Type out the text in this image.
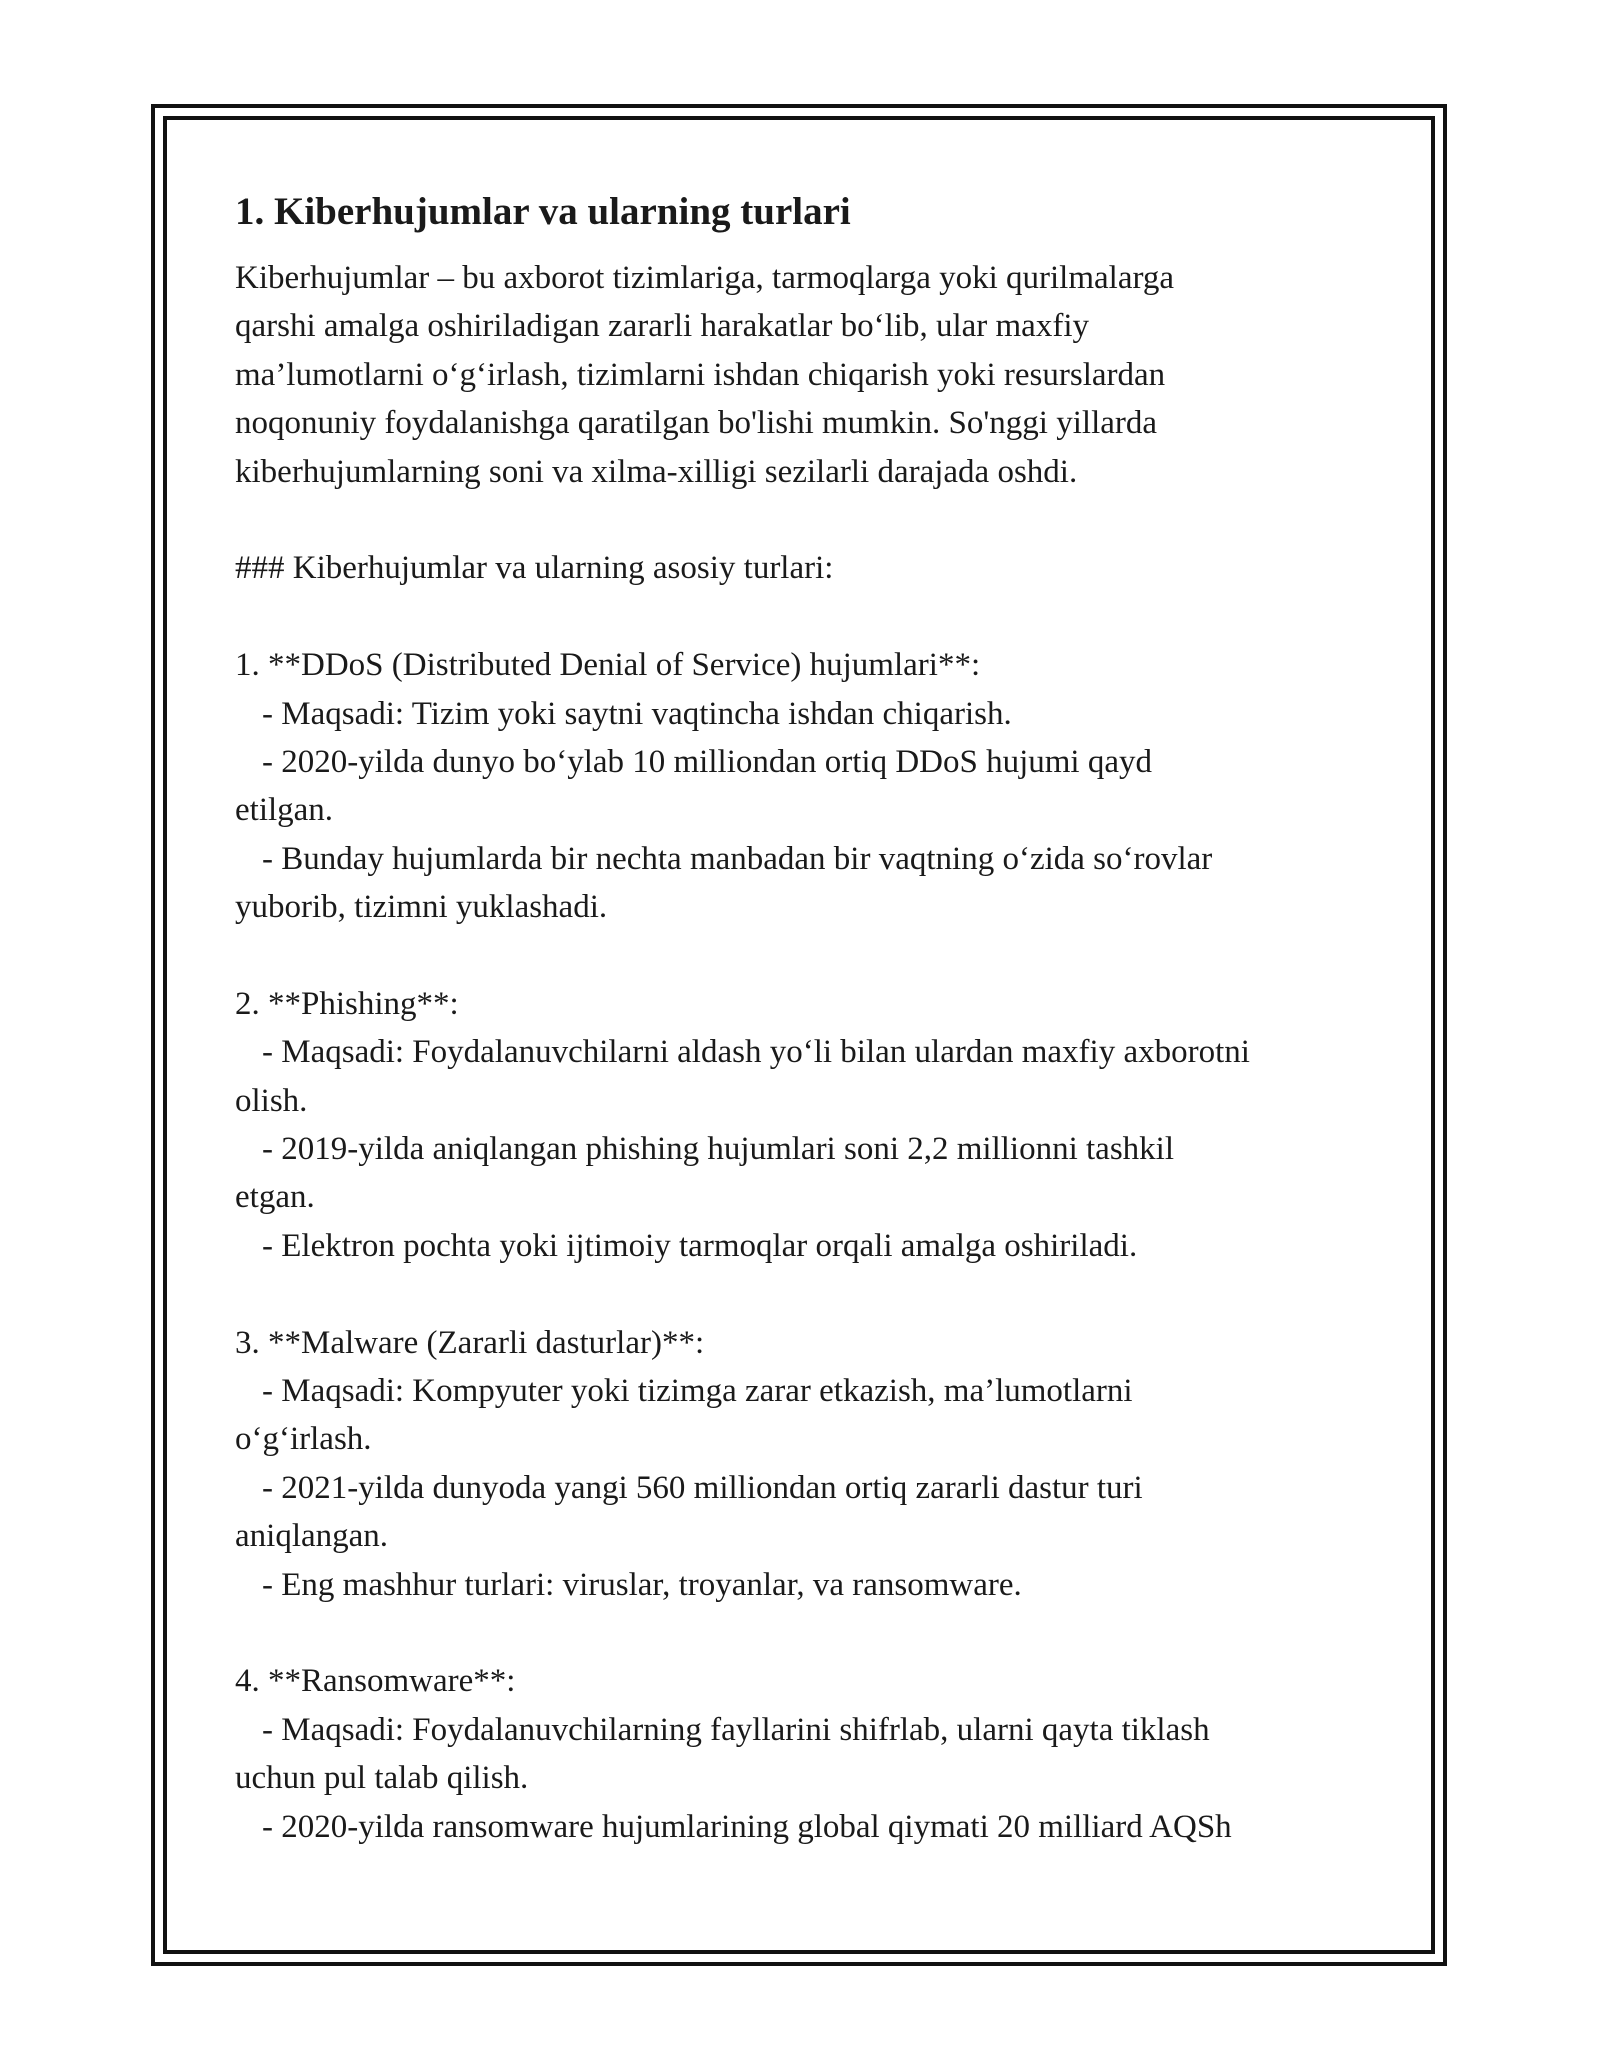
1. Kiberhujumlar va ularning turlari
Kiberhujumlar – bu axborot tizimlariga, tarmoqlarga yoki qurilmalarga
qarshi amalga oshiriladigan zararli harakatlar bo‘lib, ular maxfiy
ma’lumotlarni o‘g‘irlash, tizimlarni ishdan chiqarish yoki resurslardan
noqonuniy foydalanishga qaratilgan bo'lishi mumkin. So'nggi yillarda
kiberhujumlarning soni va xilma-xilligi sezilarli darajada oshdi.
### Kiberhujumlar va ularning asosiy turlari:
1. **DDoS (Distributed Denial of Service) hujumlari**:
- Maqsadi: Tizim yoki saytni vaqtincha ishdan chiqarish.
- 2020-yilda dunyo bo‘ylab 10 milliondan ortiq DDoS hujumi qayd
etilgan.
- Bunday hujumlarda bir nechta manbadan bir vaqtning o‘zida so‘rovlar
yuborib, tizimni yuklashadi.
2. **Phishing**:
- Maqsadi: Foydalanuvchilarni aldash yo‘li bilan ulardan maxfiy axborotni
olish.
- 2019-yilda aniqlangan phishing hujumlari soni 2,2 millionni tashkil
etgan.
- Elektron pochta yoki ijtimoiy tarmoqlar orqali amalga oshiriladi.
3. **Malware (Zararli dasturlar)**:
- Maqsadi: Kompyuter yoki tizimga zarar etkazish, ma’lumotlarni
o‘g‘irlash.
- 2021-yilda dunyoda yangi 560 milliondan ortiq zararli dastur turi
aniqlangan.
- Eng mashhur turlari: viruslar, troyanlar, va ransomware.
4. **Ransomware**:
- Maqsadi: Foydalanuvchilarning fayllarini shifrlab, ularni qayta tiklash
uchun pul talab qilish.
- 2020-yilda ransomware hujumlarining global qiymati 20 milliard AQSh
